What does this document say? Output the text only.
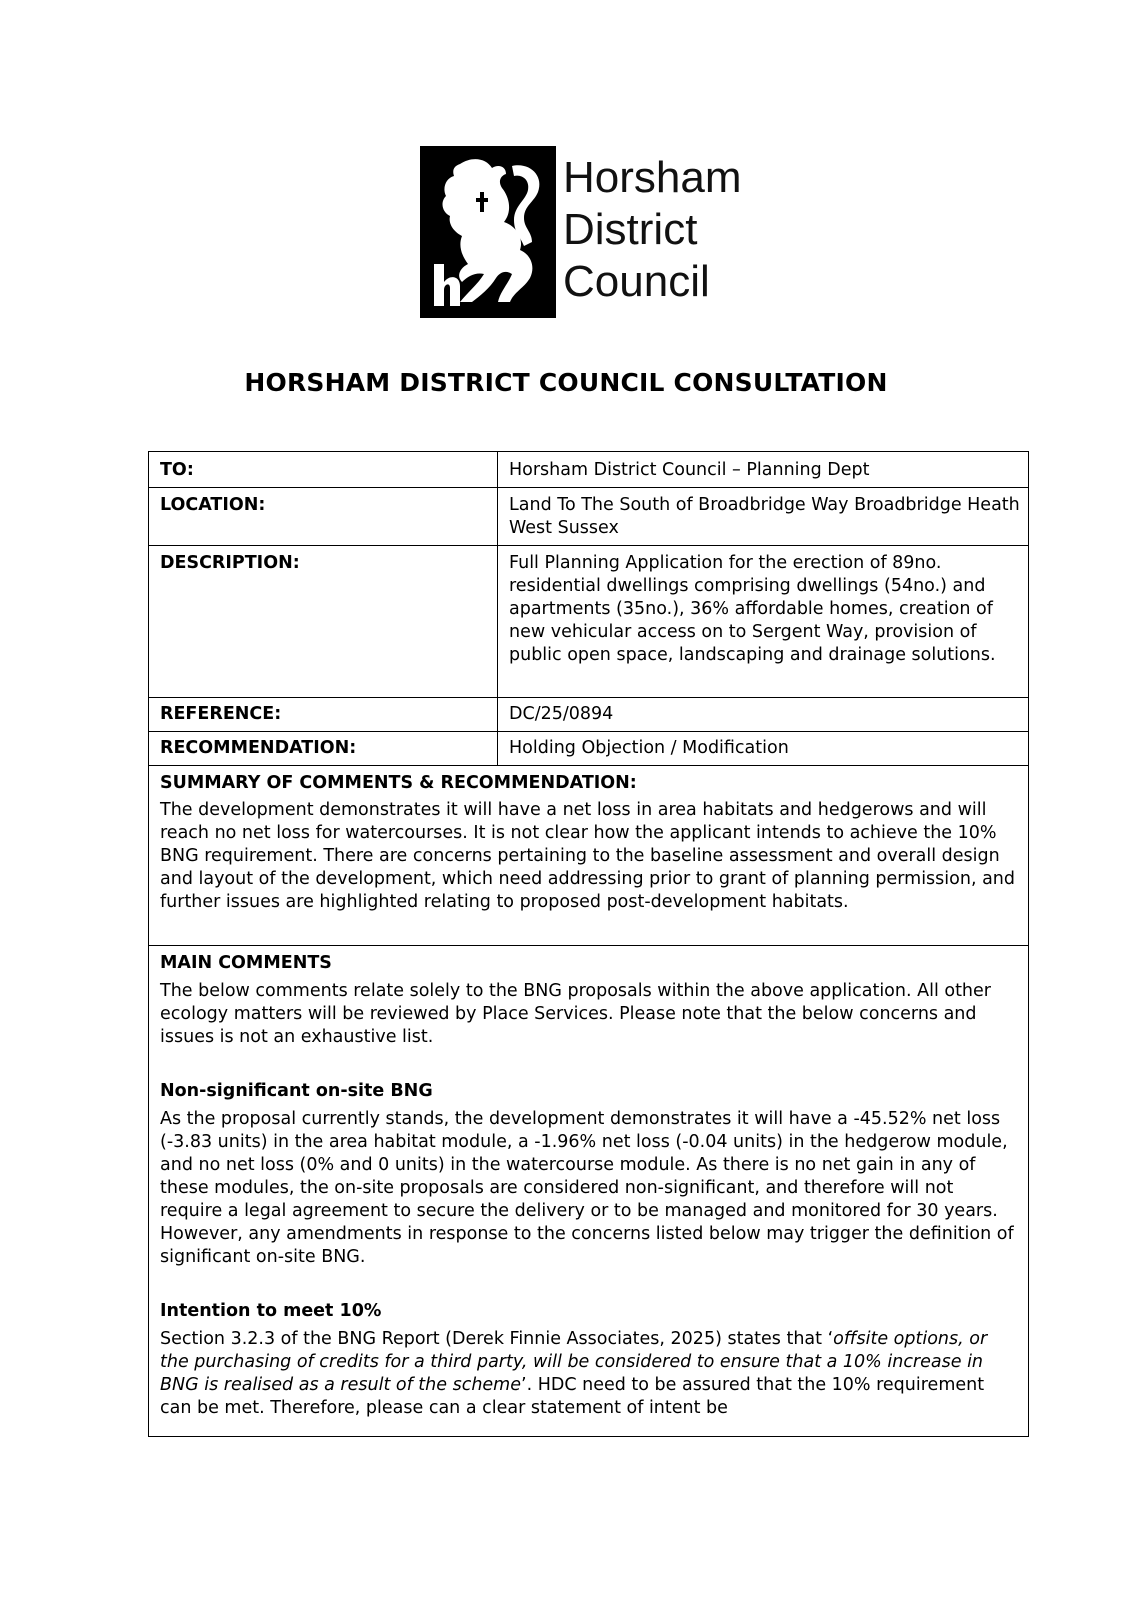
Horsham
District
Council
HORSHAM DISTRICT COUNCIL CONSULTATION
TO:	Horsham District Council – Planning Dept
LOCATION:	Land To The South of Broadbridge Way Broadbridge Heath West Sussex
DESCRIPTION:	Full Planning Application for the erection of 89no. residential dwellings comprising dwellings (54no.) and apartments (35no.), 36% affordable homes, creation of new vehicular access on to Sergent Way, provision of public open space, landscaping and drainage solutions.
REFERENCE:	DC/25/0894
RECOMMENDATION:	Holding Objection / Modification

SUMMARY OF COMMENTS & RECOMMENDATION:

The development demonstrates it will have a net loss in area habitats and hedgerows and will reach no net loss for watercourses. It is not clear how the applicant intends to achieve the 10% BNG requirement. There are concerns pertaining to the baseline assessment and overall design and layout of the development, which need addressing prior to grant of planning permission, and further issues are highlighted relating to proposed post-development habitats.

MAIN COMMENTS

The below comments relate solely to the BNG proposals within the above application. All other ecology matters will be reviewed by Place Services. Please note that the below concerns and issues is not an exhaustive list.

Non-significant on-site BNG

As the proposal currently stands, the development demonstrates it will have a -45.52% net loss (-3.83 units) in the area habitat module, a -1.96% net loss (-0.04 units) in the hedgerow module, and no net loss (0% and 0 units) in the watercourse module. As there is no net gain in any of these modules, the on-site proposals are considered non-significant, and therefore will not require a legal agreement to secure the delivery or to be managed and monitored for 30 years. However, any amendments in response to the concerns listed below may trigger the definition of significant on-site BNG.

Intention to meet 10%

Section 3.2.3 of the BNG Report (Derek Finnie Associates, 2025) states that ‘offsite options, or the purchasing of credits for a third party, will be considered to ensure that a 10% increase in BNG is realised as a result of the scheme’. HDC need to be assured that the 10% requirement can be met. Therefore, please can a clear statement of intent be
